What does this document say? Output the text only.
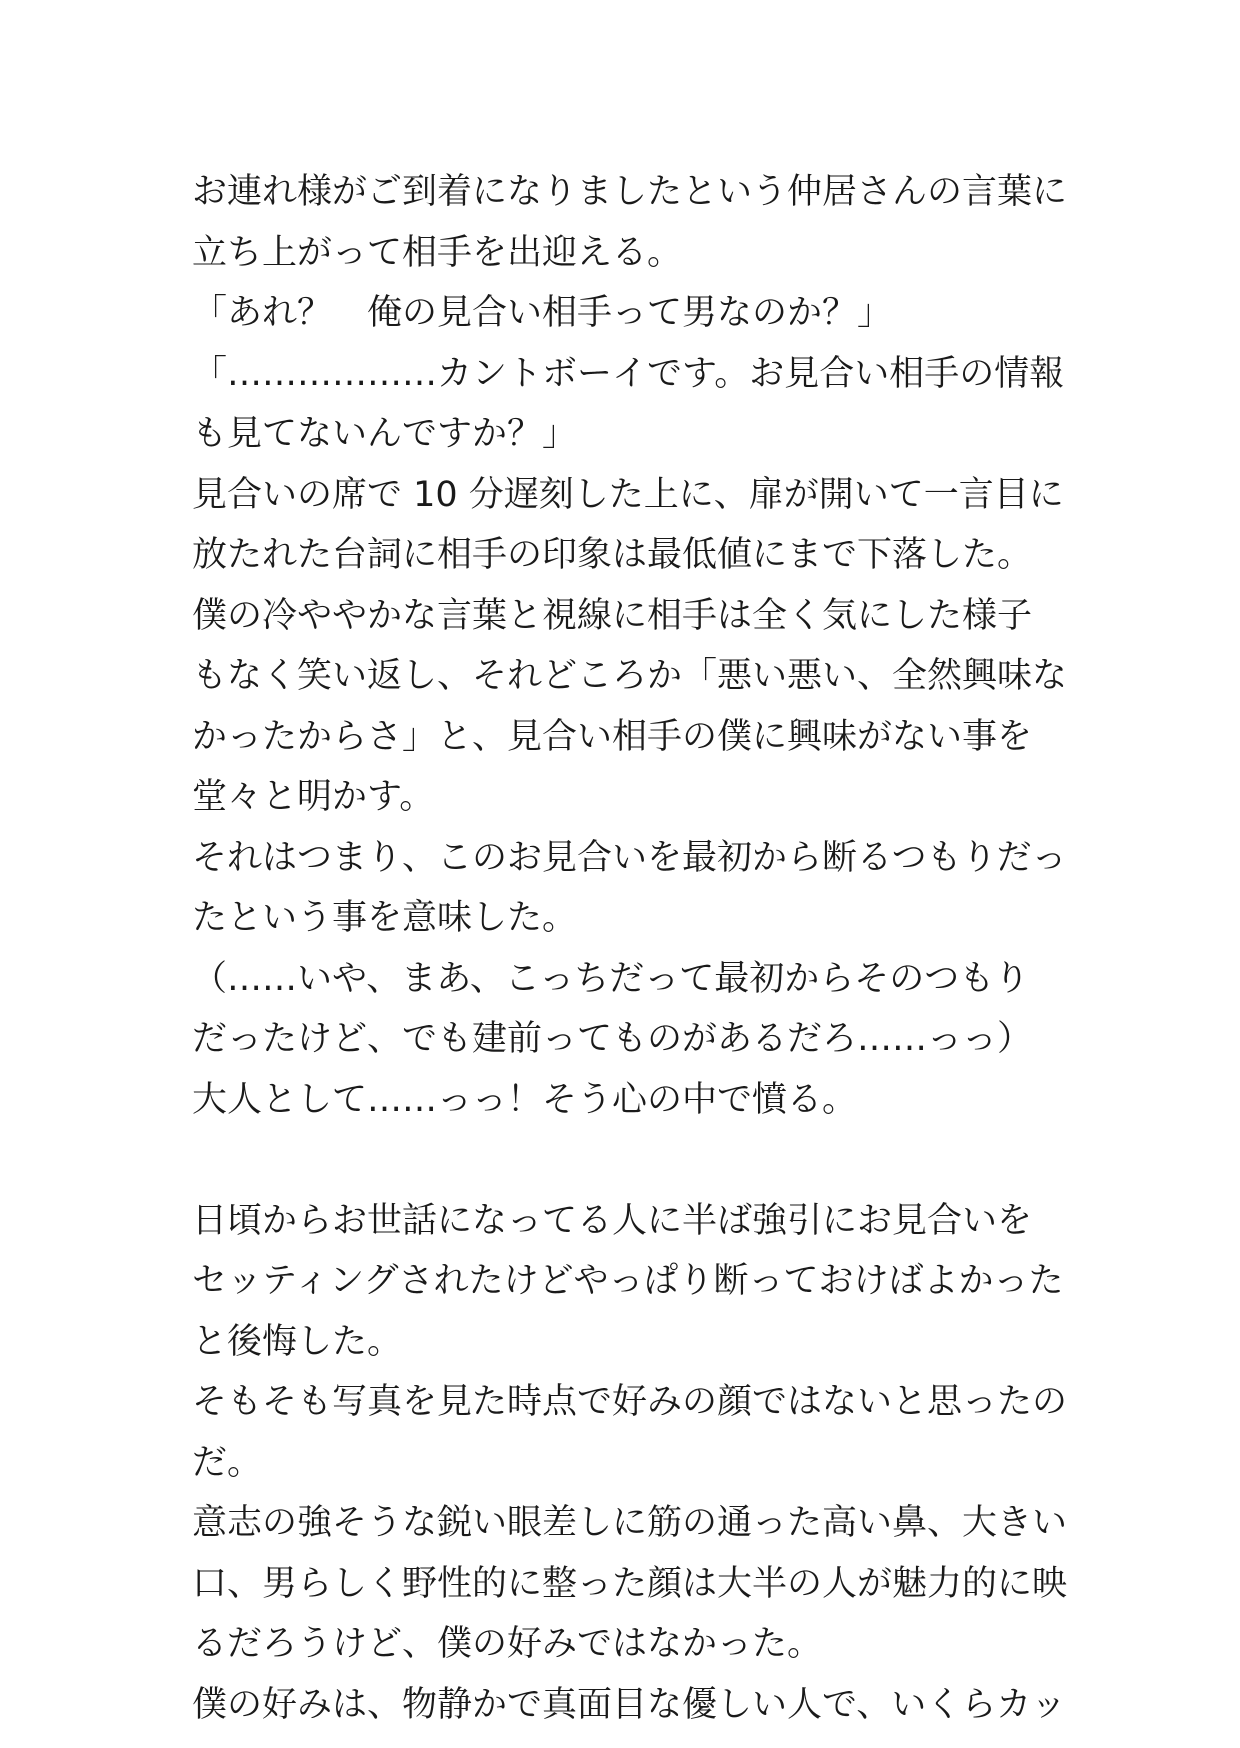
お連れ様がご到着になりましたという仲居さんの言葉に
立ち上がって相手を出迎える。
「あれ？　俺の見合い相手って男なのか？」
「………………カントボーイです。お見合い相手の情報
も見てないんですか？」
見合いの席で 10 分遅刻した上に、扉が開いて一言目に
放たれた台詞に相手の印象は最低値にまで下落した。
僕の冷ややかな言葉と視線に相手は全く気にした様子
もなく笑い返し、それどころか「悪い悪い、全然興味な
かったからさ」と、見合い相手の僕に興味がない事を
堂々と明かす。
それはつまり、このお見合いを最初から断るつもりだっ
たという事を意味した。
（……いや、まあ、こっちだって最初からそのつもり
だったけど、でも建前ってものがあるだろ……っっ）
大人として……っっ！そう心の中で憤る。
日頃からお世話になってる人に半ば強引にお見合いを
セッティングされたけどやっぱり断っておけばよかった
と後悔した。
そもそも写真を見た時点で好みの顔ではないと思ったの
だ。
意志の強そうな鋭い眼差しに筋の通った高い鼻、大きい
口、男らしく野性的に整った顔は大半の人が魅力的に映
るだろうけど、僕の好みではなかった。
僕の好みは、物静かで真面目な優しい人で、いくらカッ
